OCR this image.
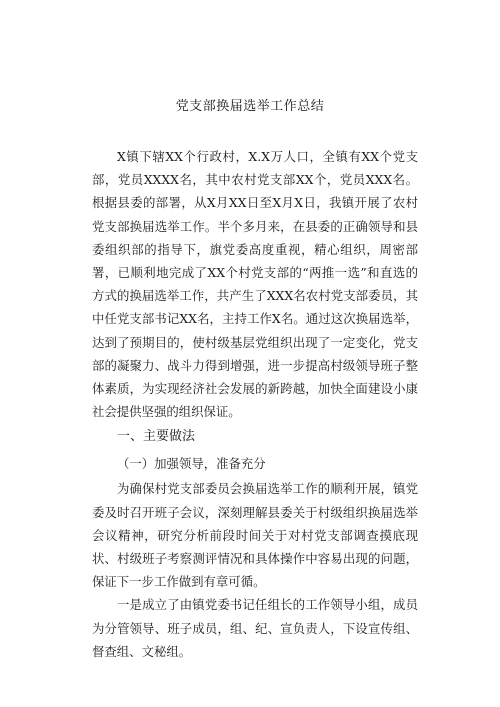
党支部换届选举工作总结

X镇下辖XX个行政村，X.X万人口，全镇有XX个党支部，党员XXXX名，其中农村党支部XX个，党员XXX名。根据县委的部署，从X月XX日至X月X日，我镇开展了农村党支部换届选举工作。半个多月来，在县委的正确领导和县委组织部的指导下，旗党委高度重视，精心组织，周密部署，已顺利地完成了XX个村党支部的“两推一选”和直选的方式的换届选举工作，共产生了XXX名农村党支部委员，其中任党支部书记XX名，主持工作X名。通过这次换届选举，达到了预期目的，使村级基层党组织出现了一定变化，党支部的凝聚力、战斗力得到增强，进一步提高村级领导班子整体素质，为实现经济社会发展的新跨越，加快全面建设小康社会提供坚强的组织保证。

一、主要做法

（一）加强领导，准备充分

为确保村党支部委员会换届选举工作的顺利开展，镇党委及时召开班子会议，深刻理解县委关于村级组织换届选举会议精神，研究分析前段时间关于对村党支部调查摸底现状、村级班子考察测评情况和具体操作中容易出现的问题，保证下一步工作做到有章可循。

一是成立了由镇党委书记任组长的工作领导小组，成员为分管领导、班子成员，组、纪、宣负责人，下设宣传组、督查组、文秘组。
